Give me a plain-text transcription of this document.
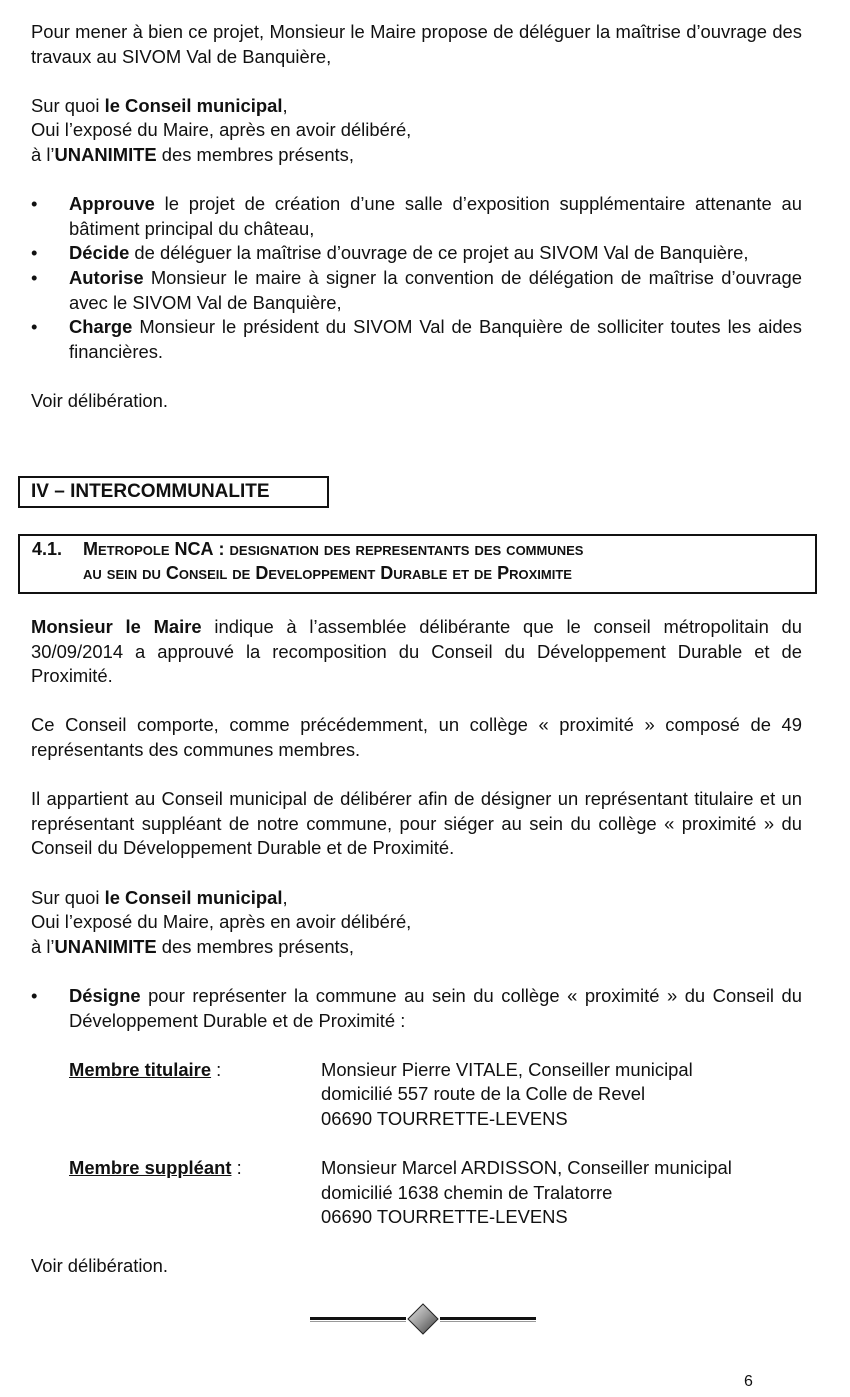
Pour mener à bien ce projet, Monsieur le Maire propose de déléguer la maîtrise d’ouvrage des travaux au SIVOM Val de Banquière,

Sur quoi le Conseil municipal,

Oui l’exposé du Maire, après en avoir délibéré,

à l’UNANIMITE des membres présents,

• Approuve le projet de création d’une salle d’exposition supplémentaire attenante au bâtiment principal du château,
• Décide de déléguer la maîtrise d’ouvrage de ce projet au SIVOM Val de Banquière,
• Autorise Monsieur le maire à signer la convention de délégation de maîtrise d’ouvrage avec le SIVOM Val de Banquière,
• Charge Monsieur le président du SIVOM Val de Banquière de solliciter toutes les aides financières.

Voir délibération.

IV – INTERCOMMUNALITE
4.1. Metropole NCA : designation des representants des communes
au sein du Conseil de Developpement Durable et de Proximite

Monsieur le Maire indique à l’assemblée délibérante que le conseil métropolitain du 30/09/2014 a approuvé la recomposition du Conseil du Développement Durable et de Proximité.

Ce Conseil comporte, comme précédemment, un collège « proximité » composé de 49 représentants des communes membres.

Il appartient au Conseil municipal de délibérer afin de désigner un représentant titulaire et un représentant suppléant de notre commune, pour siéger au sein du collège « proximité » du Conseil du Développement Durable et de Proximité.

Sur quoi le Conseil municipal,

Oui l’exposé du Maire, après en avoir délibéré,

à l’UNANIMITE des membres présents,

• Désigne pour représenter la commune au sein du collège « proximité » du Conseil du Développement Durable et de Proximité :
Membre titulaire :	Monsieur Pierre VITALE, Conseiller municipal
domicilié 557 route de la Colle de Revel
06690 TOURRETTE-LEVENS
Membre suppléant :	Monsieur Marcel ARDISSON, Conseiller municipal
domicilié 1638 chemin de Tralatorre
06690 TOURRETTE-LEVENS

Voir délibération.

6
